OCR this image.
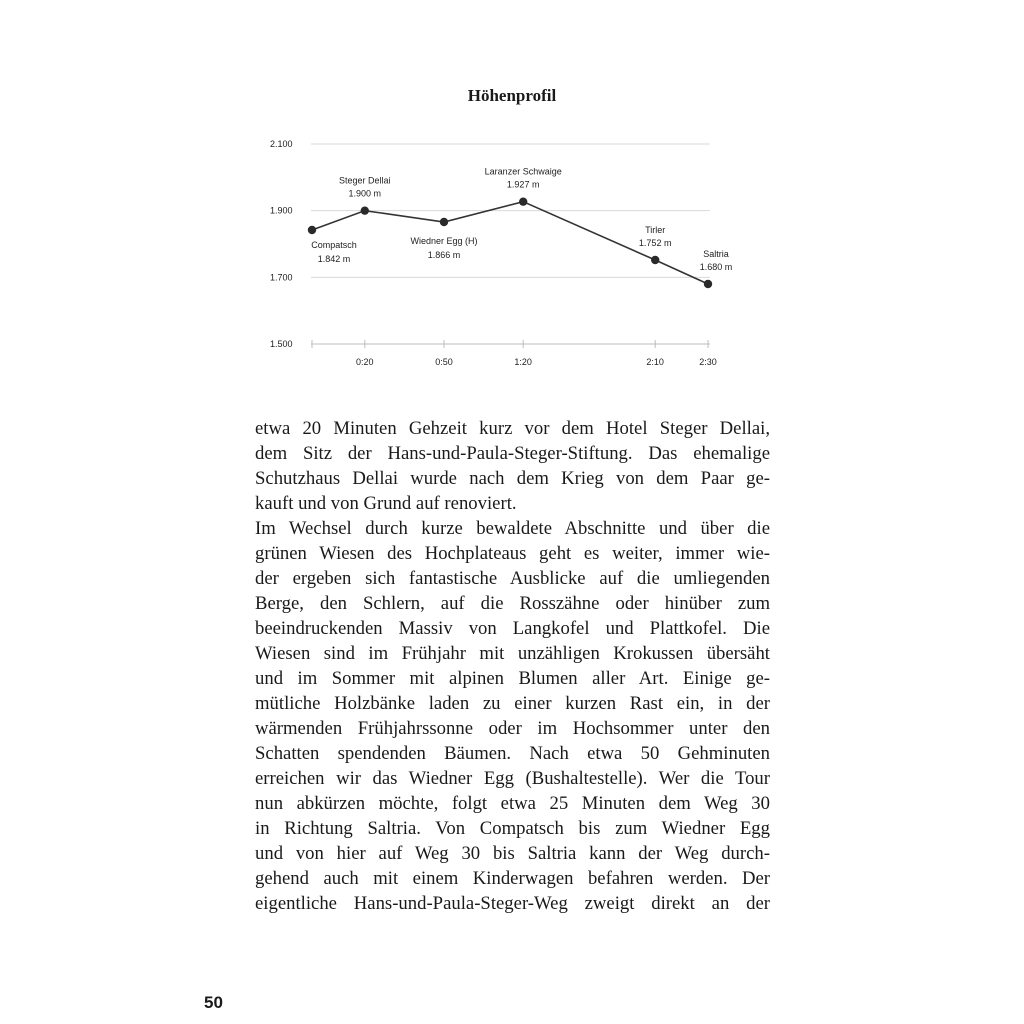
Höhenprofil
1.500
1.700
1.900
2.100
0:20	0:50	1:20	2:10	2:30
Compatsch
1.842 m
Steger Dellai
1.900 m
Wiedner Egg (H)
1.866 m
Laranzer Schwaige
1.927 m
Tirler
1.752 m
Saltria
1.680 m
etwa 20 Minuten Gehzeit kurz vor dem Hotel Steger Dellai,
dem Sitz der Hans-und-Paula-Steger-Stiftung. Das ehemalige
Schutzhaus Dellai wurde nach dem Krieg von dem Paar ge-
kauft und von Grund auf renoviert.
Im Wechsel durch kurze bewaldete Abschnitte und über die
grünen Wiesen des Hochplateaus geht es weiter, immer wie-
der ergeben sich fantastische Ausblicke auf die umliegenden
Berge, den Schlern, auf die Rosszähne oder hinüber zum
beeindruckenden Massiv von Langkofel und Plattkofel. Die
Wiesen sind im Frühjahr mit unzähligen Krokussen übersäht
und im Sommer mit alpinen Blumen aller Art. Einige ge-
mütliche Holzbänke laden zu einer kurzen Rast ein, in der
wärmenden Frühjahrssonne oder im Hochsommer unter den
Schatten spendenden Bäumen. Nach etwa 50 Gehminuten
erreichen wir das Wiedner Egg (Bushaltestelle). Wer die Tour
nun abkürzen möchte, folgt etwa 25 Minuten dem Weg 30
in Richtung Saltria. Von Compatsch bis zum Wiedner Egg
und von hier auf Weg 30 bis Saltria kann der Weg durch-
gehend auch mit einem Kinderwagen befahren werden. Der
eigentliche Hans-und-Paula-Steger-Weg zweigt direkt an der
50
